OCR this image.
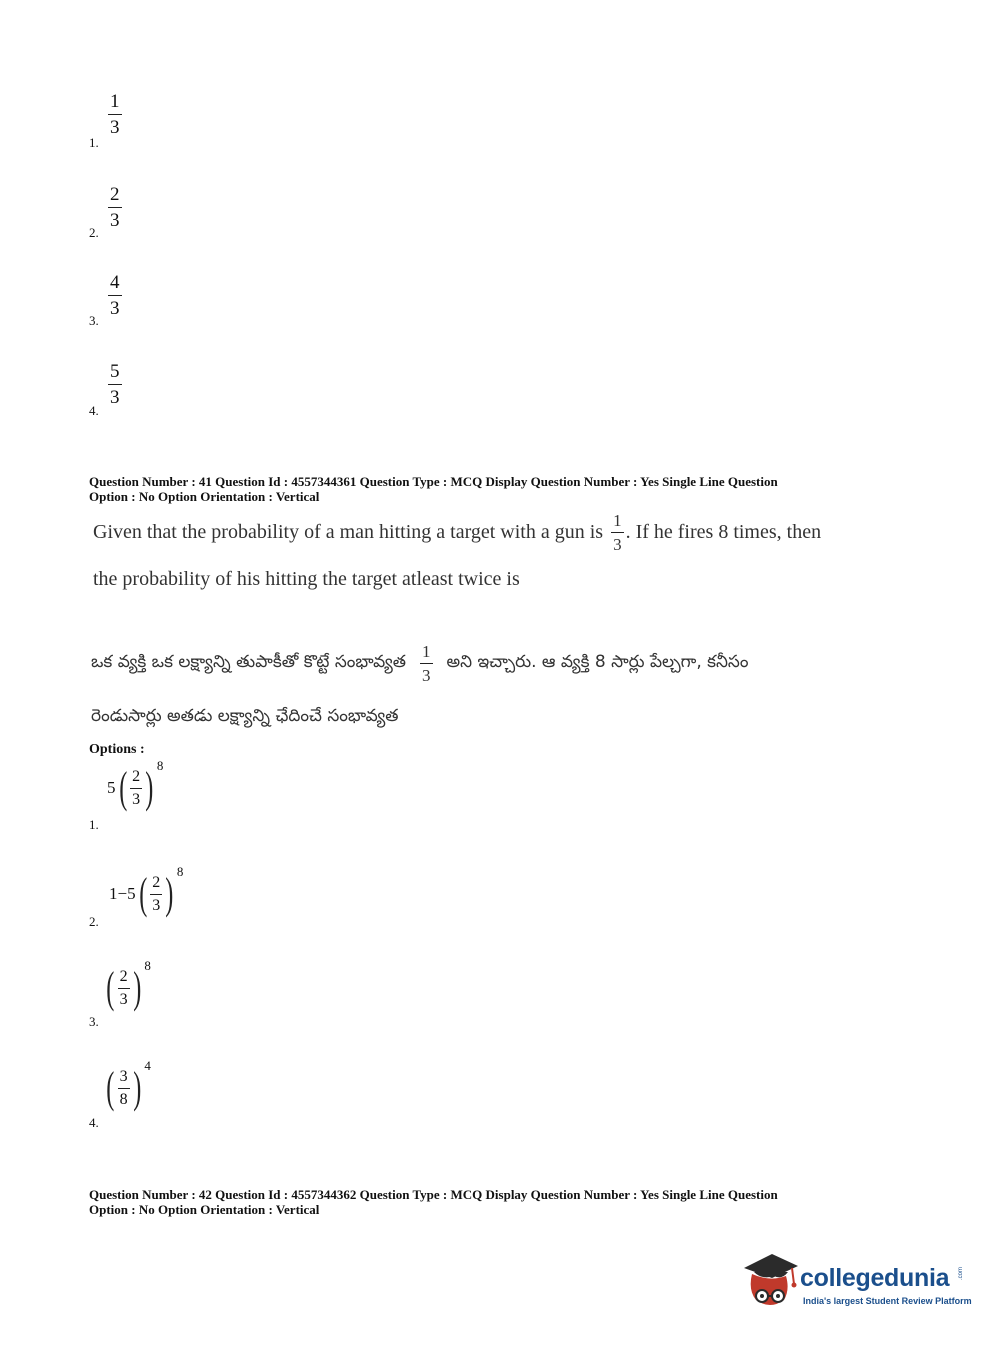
1.
$\frac{1}{3}$
2.
$\frac{2}{3}$
3.
$\frac{4}{3}$
4.
$\frac{5}{3}$
Question Number : 41 Question Id : 4557344361 Question Type : MCQ Display Question Number : Yes Single Line Question
Option : No Option Orientation : Vertical
Given that the probability of a man hitting a target with a gun is $\frac{1}{3}$ . If he fires 8 times, then
the probability of his hitting the target atleast twice is
ఒక వ్యక్తి ఒక లక్ష్యాన్ని తుపాకీతో కొట్టే సంభావ్యత $\frac{1}{3}$ అని ఇచ్చారు. ఆ వ్యక్తి 8 సార్లు పేల్చగా, కనీసం
రెండుసార్లు అతడు లక్ష్యాన్ని ఛేదించే సంభావ్యత
Options :
1.
5 ( $\frac{2}{3}$ ) 8
2.
1−5 ( $\frac{2}{3}$ ) 8
3.
( $\frac{2}{3}$ ) 8
4.
( $\frac{3}{8}$ ) 4
Question Number : 42 Question Id : 4557344362 Question Type : MCQ Display Question Number : Yes Single Line Question
Option : No Option Orientation : Vertical
collegedunia .com
India's largest Student Review Platform
